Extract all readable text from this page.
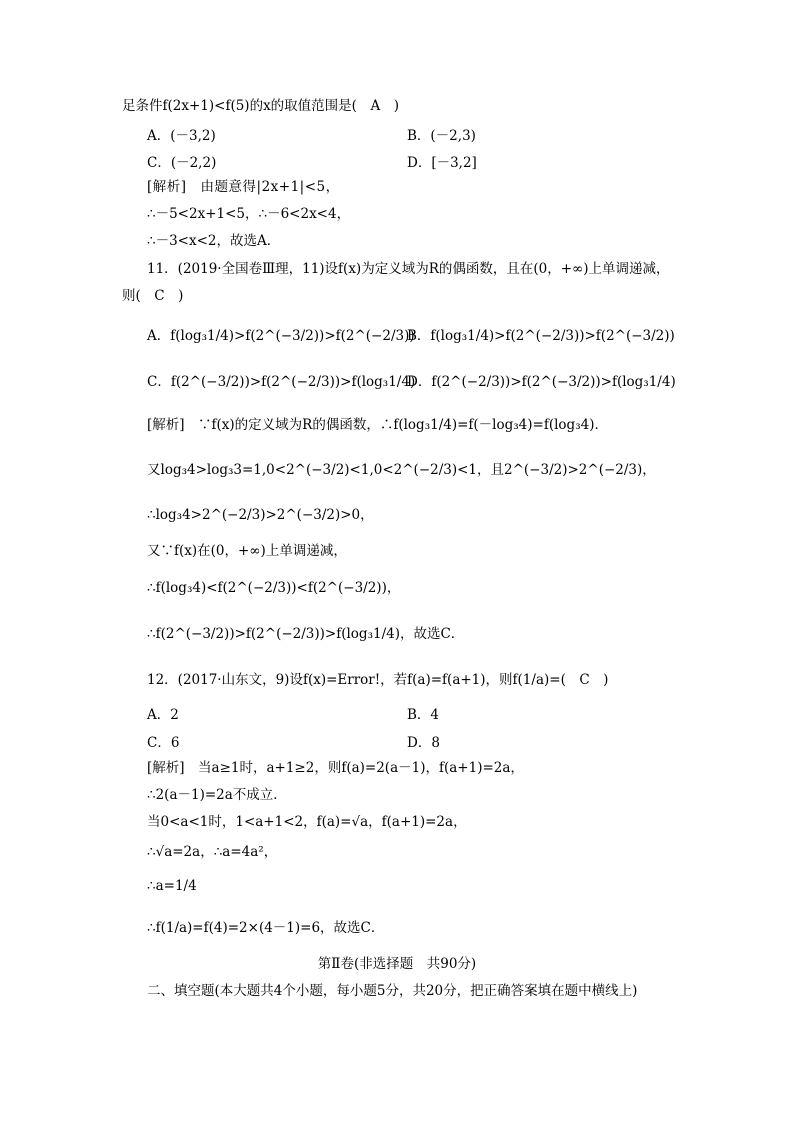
足条件f(2x+1)<f(5)的x的取值范围是(　A　)
A．(－3,2)	B．(－2,3)
C．(－2,2)	D．[－3,2]
[解析]　由题意得|2x+1|<5，
∴－5<2x+1<5，∴－6<2x<4，
∴－3<x<2，故选A．
11．(2019·全国卷Ⅲ理，11)设f(x)为定义域为R的偶函数，且在(0，+∞)上单调递减，
则(　C　)
A．f(log₃1/4)>f(2^(−3/2))>f(2^(−2/3))
B．f(log₃1/4)>f(2^(−2/3))>f(2^(−3/2))
C．f(2^(−3/2))>f(2^(−2/3))>f(log₃1/4)
D．f(2^(−2/3))>f(2^(−3/2))>f(log₃1/4)
[解析]　∵f(x)的定义域为R的偶函数，∴f(log₃1/4)=f(－log₃4)=f(log₃4)．
又log₃4>log₃3=1,0<2^(−3/2)<1,0<2^(−2/3)<1，且2^(−3/2)>2^(−2/3)，
∴log₃4>2^(−2/3)>2^(−3/2)>0，
又∵f(x)在(0，+∞)上单调递减，
∴f(log₃4)<f(2^(−2/3))<f(2^(−3/2))，
∴f(2^(−3/2))>f(2^(−2/3))>f(log₃1/4)，故选C．
12．(2017·山东文，9)设f(x)=Error!，若f(a)=f(a+1)，则f(1/a)=(　C　)
A．2	B．4
C．6	D．8
[解析]　当a≥1时，a+1≥2，则f(a)=2(a－1)，f(a+1)=2a，
∴2(a－1)=2a不成立．
当0<a<1时，1<a+1<2，f(a)=√a，f(a+1)=2a，
∴√a=2a，∴a=4a²，
∴a=1/4
∴f(1/a)=f(4)=2×(4－1)=6，故选C．
第Ⅱ卷(非选择题　共90分)
二、填空题(本大题共4个小题，每小题5分，共20分，把正确答案填在题中横线上)
